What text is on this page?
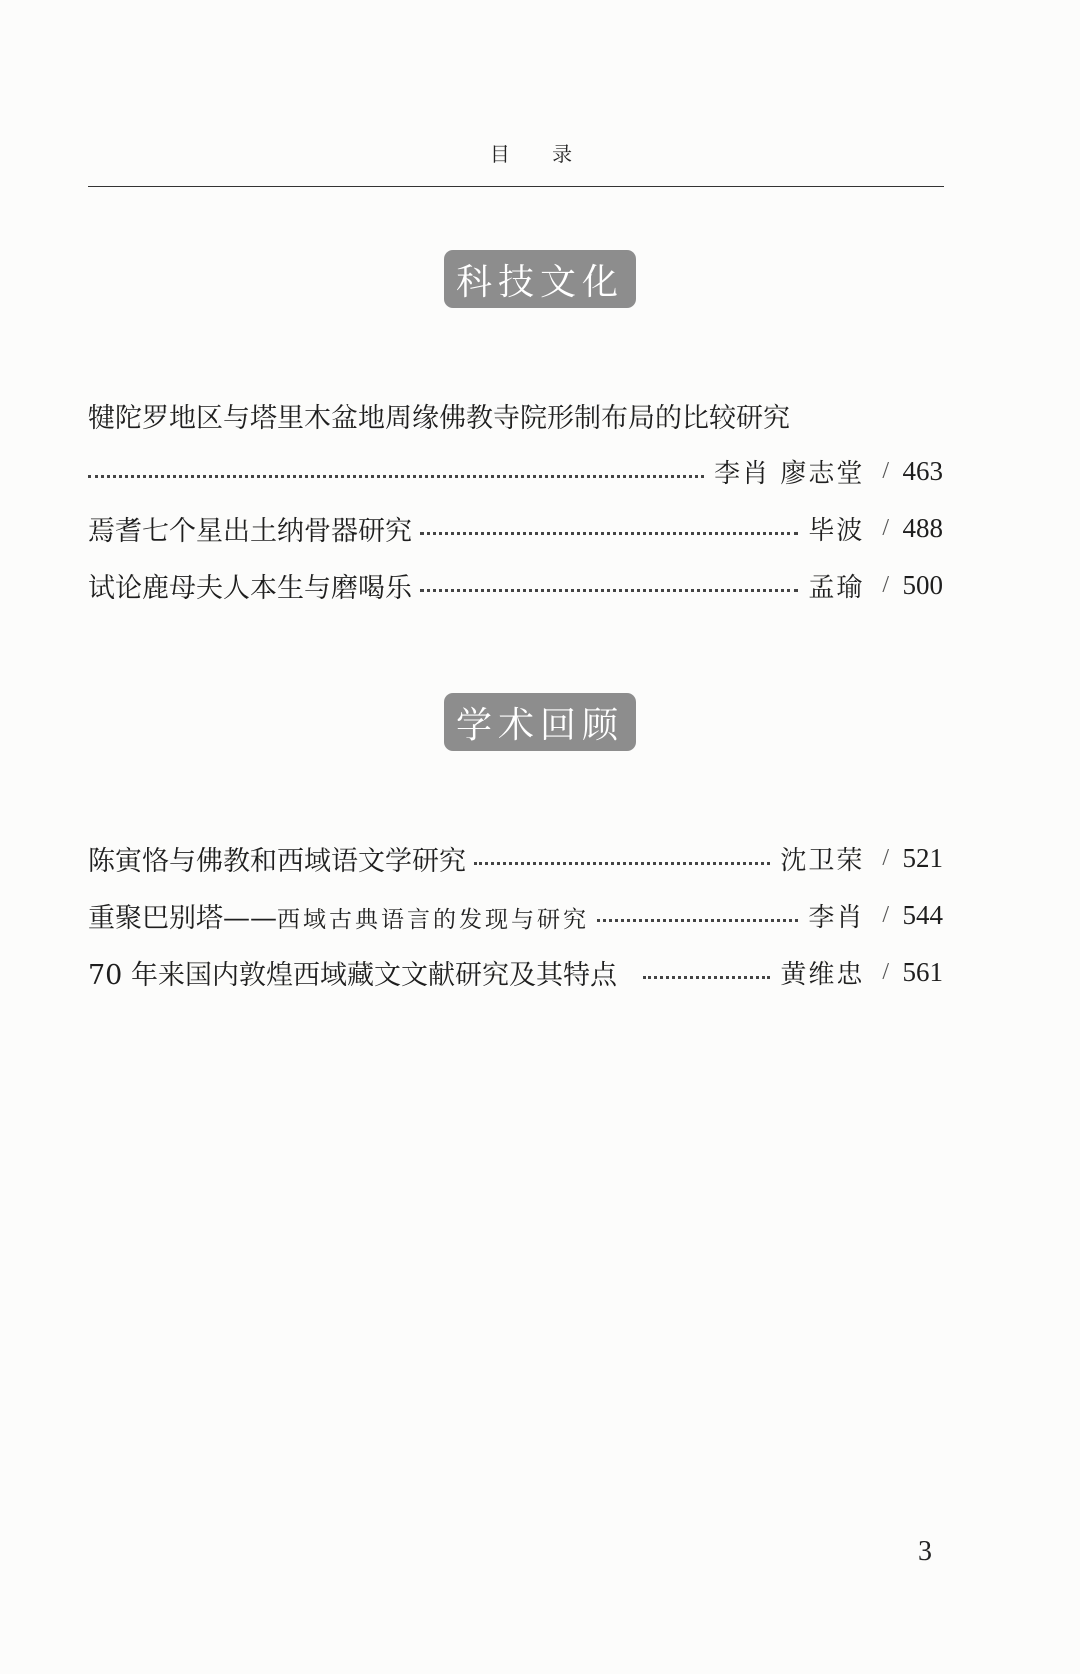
目 录
科技文化
犍陀罗地区与塔里木盆地周缘佛教寺院形制布局的比较研究
李肖 廖志堂 / 463
焉耆七个星出土纳骨器研究	毕波 / 488
试论鹿母夫人本生与磨喝乐	孟瑜 / 500
学术回顾
陈寅恪与佛教和西域语文学研究	沈卫荣 / 521
重聚巴别塔——西域古典语言的发现与研究	李肖 / 544
70 年来国内敦煌西域藏文文献研究及其特点	黄维忠 / 561
3
